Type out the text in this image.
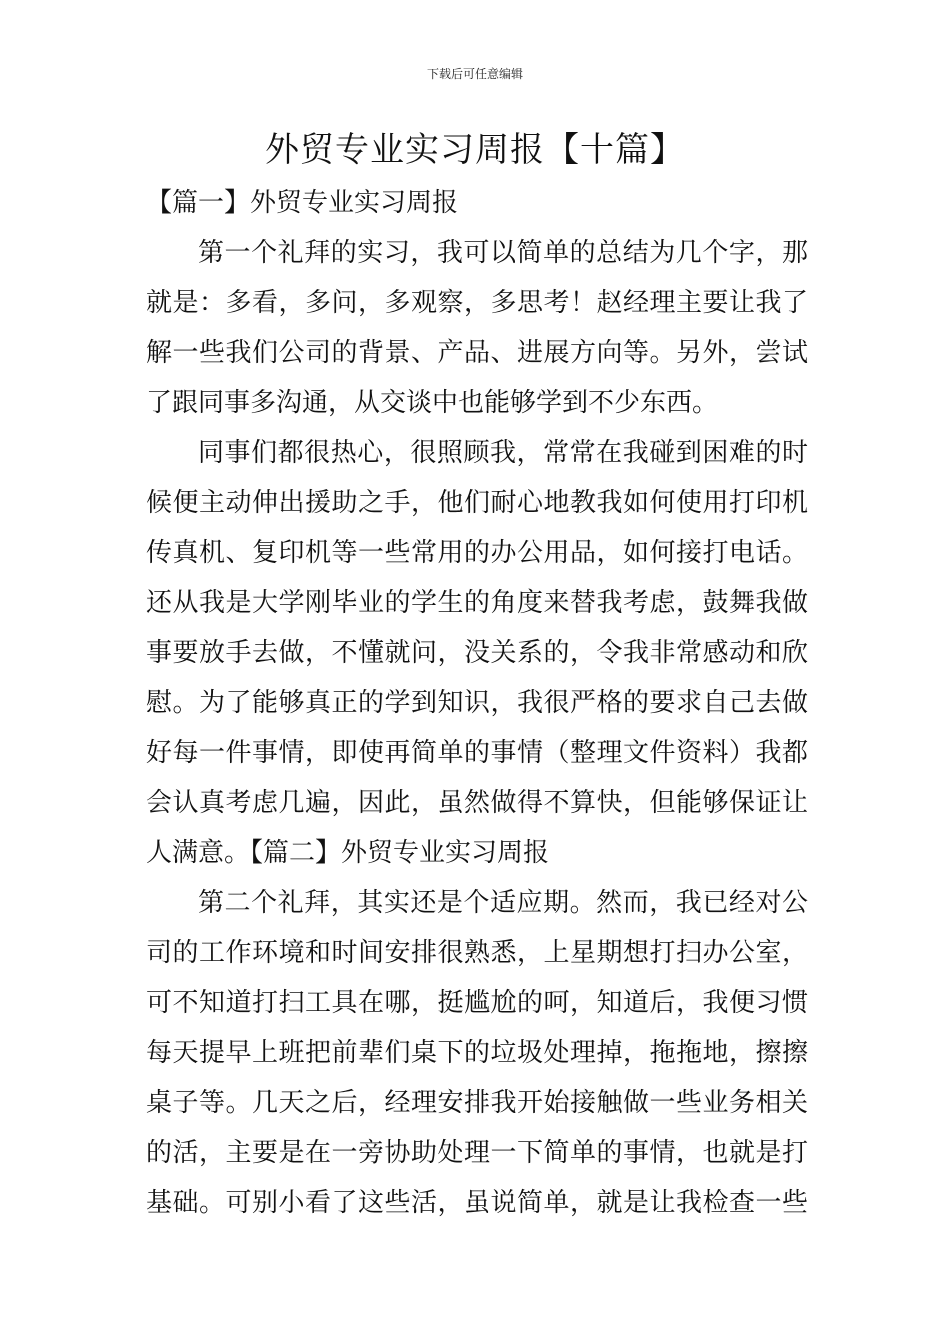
下载后可任意编辑
外贸专业实习周报【十篇】
【篇一】外贸专业实习周报
第一个礼拜的实习，我可以简单的总结为几个字，那
就是：多看，多问，多观察，多思考！赵经理主要让我了
解一些我们公司的背景、产品、进展方向等。另外，尝试
了跟同事多沟通，从交谈中也能够学到不少东西。
同事们都很热心，很照顾我，常常在我碰到困难的时
候便主动伸出援助之手，他们耐心地教我如何使用打印机
传真机、复印机等一些常用的办公用品，如何接打电话。
还从我是大学刚毕业的学生的角度来替我考虑，鼓舞我做
事要放手去做，不懂就问，没关系的，令我非常感动和欣
慰。为了能够真正的学到知识，我很严格的要求自己去做
好每一件事情，即使再简单的事情（整理文件资料）我都
会认真考虑几遍，因此，虽然做得不算快，但能够保证让
人满意。【篇二】外贸专业实习周报
第二个礼拜，其实还是个适应期。然而，我已经对公
司的工作环境和时间安排很熟悉，上星期想打扫办公室，
可不知道打扫工具在哪，挺尴尬的呵，知道后，我便习惯
每天提早上班把前辈们桌下的垃圾处理掉，拖拖地，擦擦
桌子等。几天之后，经理安排我开始接触做一些业务相关
的活，主要是在一旁协助处理一下简单的事情，也就是打
基础。可别小看了这些活，虽说简单，就是让我检查一些
